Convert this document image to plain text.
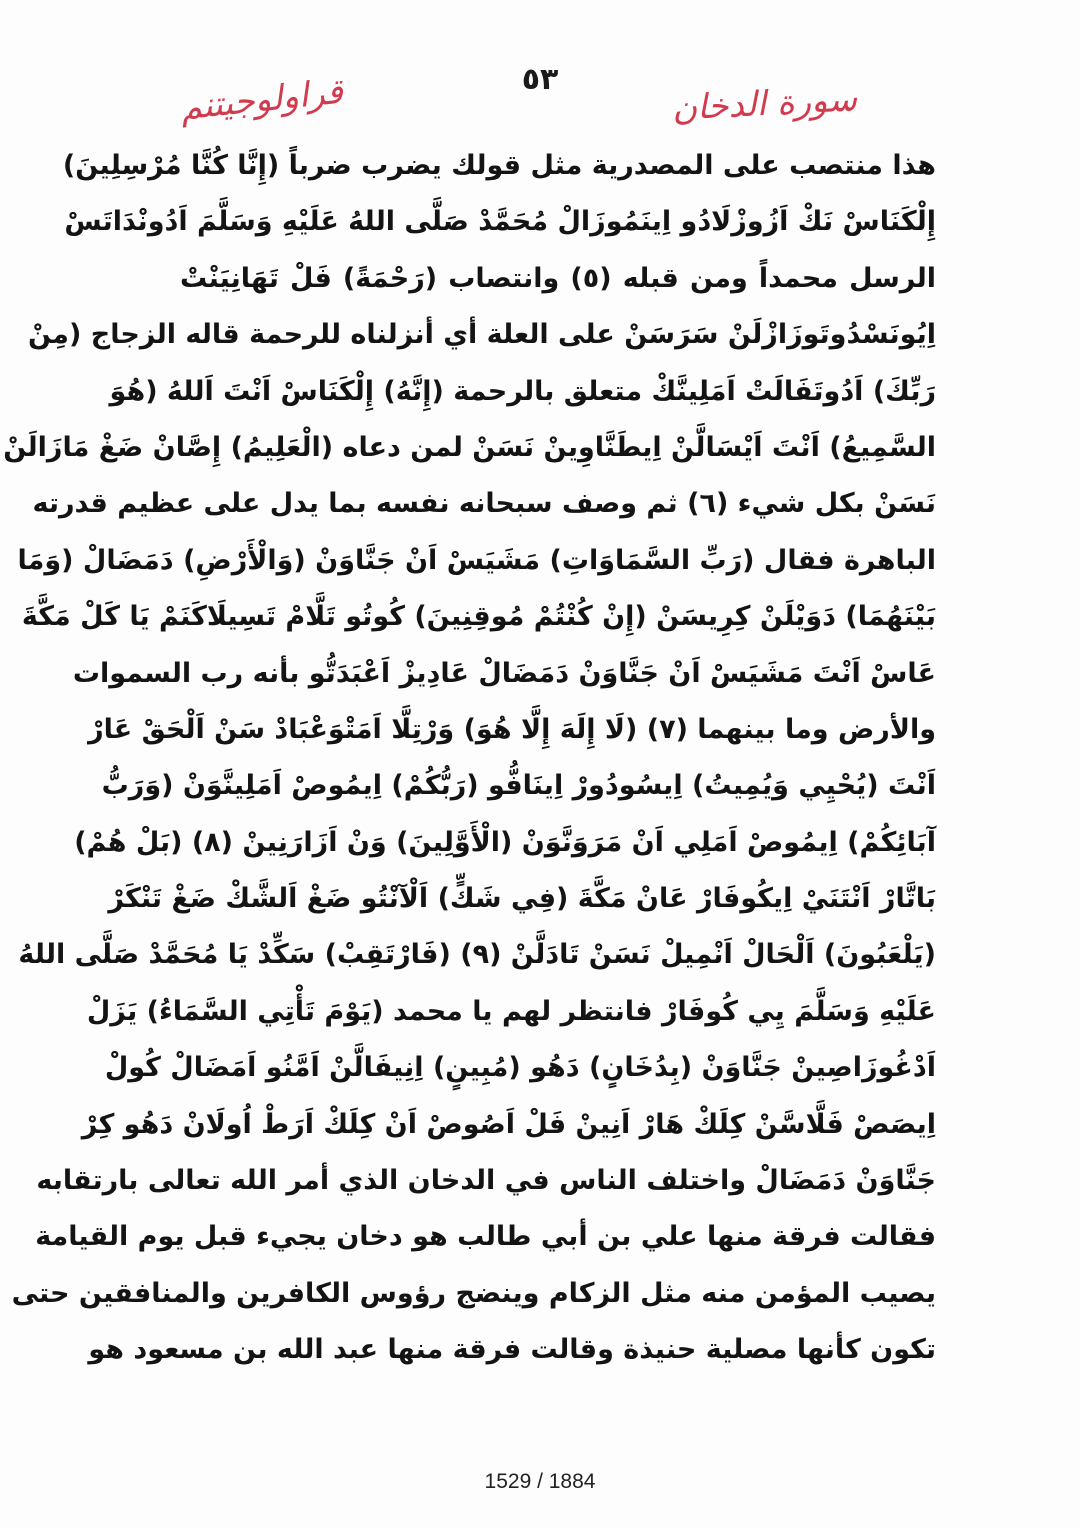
٥٣
قراولوجيتنم	سورة الدخان
هذا منتصب على المصدرية مثل قولك يضرب ضرباً (إِنَّا كُنَّا مُرْسِلِينَ)
إِلْكَنَاسْ نَكْ اَزُوزْلَادُو اِينَمُوزَالْ مُحَمَّدْ صَلَّى اللهُ عَلَيْهِ وَسَلَّمَ اَدُونْدَاتَسْ
الرسل محمداً ومن قبله (٥) وانتصاب (رَحْمَةً) فَلْ تَهَانِيَنْتْ
اِيُونَسْدُوتَوزَازْلَنْ سَرَسَنْ على العلة أي أنزلناه للرحمة قاله الزجاج (مِنْ
رَبِّكَ) اَدُوتَفَالَتْ اَمَلِينَّكْ متعلق بالرحمة (إِنَّهُ) إِلْكَنَاسْ اَنْتَ اَللهُ (هُوَ
السَّمِيعُ) اَنْتَ اَيْسَالَّنْ اِيطَنَّاوِينْ نَسَنْ لمن دعاه (الْعَلِيمُ) إِصَّانْ ضَغْ مَازَالَنْ
نَسَنْ بكل شيء (٦) ثم وصف سبحانه نفسه بما يدل على عظيم قدرته
الباهرة فقال (رَبِّ السَّمَاوَاتِ) مَشَيَسْ اَنْ جَنَّاوَنْ (وَالْأَرْضِ) دَمَضَالْ (وَمَا
بَيْنَهُمَا) دَوَيْلَنْ كِرِيسَنْ (إِنْ كُنْتُمْ مُوقِنِينَ) كُوتُو تَلَّامْ تَسِيلَاكَنَمْ يَا كَلْ مَكَّةَ
عَاسْ اَنْتَ مَشَيَسْ اَنْ جَنَّاوَنْ دَمَضَالْ عَادِيزْ اَعْبَدَتُّو بأنه رب السموات
والأرض وما بينهما (٧) (لَا إِلَهَ إِلَّا هُوَ) وَرْتِلَّا اَمَتْوَعْبَادْ سَنْ اَلْحَقْ عَارْ
اَنْتَ (يُحْيِي وَيُمِيتُ) اِيسُودُورْ اِينَافُّو (رَبُّكُمْ) اِيمُوصْ اَمَلِينَّوَنْ (وَرَبُّ
آبَائِكُمْ) اِيمُوصْ اَمَلِي اَنْ مَرَوَنَّوَنْ (الْأَوَّلِينَ) وَنْ اَزَارَنِينْ (٨) (بَلْ هُمْ)
بَاتَّارْ اَنْتَنَيْ اِيكُوفَارْ عَانْ مَكَّةَ (فِي شَكٍّ) اَلْآنْتُو ضَغْ اَلشَّكْ ضَغْ تَنْكَرْ
(يَلْعَبُونَ) اَلْحَالْ اَنْمِيلْ نَسَنْ تَادَلَّنْ (٩) (فَارْتَقِبْ) سَكِّدْ يَا مُحَمَّدْ صَلَّى اللهُ
عَلَيْهِ وَسَلَّمَ يِي كُوفَارْ فانتظر لهم يا محمد (يَوْمَ تَأْتِي السَّمَاءُ) يَزَلْ
اَدْغُوزَاصِينْ جَنَّاوَنْ (بِدُخَانٍ) دَهُو (مُبِينٍ) اِنِيفَالَّنْ اَمَّنُو اَمَضَالْ كُولْ
اِيصَصْ فَلَّاسَّنْ كِلَكْ هَارْ اَنِينْ فَلْ اَصُوصْ اَنْ كِلَكْ اَرَطْ اُولَانْ دَهُو كِرْ
جَنَّاوَنْ دَمَضَالْ واختلف الناس في الدخان الذي أمر الله تعالى بارتقابه
فقالت فرقة منها علي بن أبي طالب هو دخان يجيء قبل يوم القيامة
يصيب المؤمن منه مثل الزكام وينضج رؤوس الكافرين والمنافقين حتى
تكون كأنها مصلية حنيذة وقالت فرقة منها عبد الله بن مسعود هو
1529 / 1884
